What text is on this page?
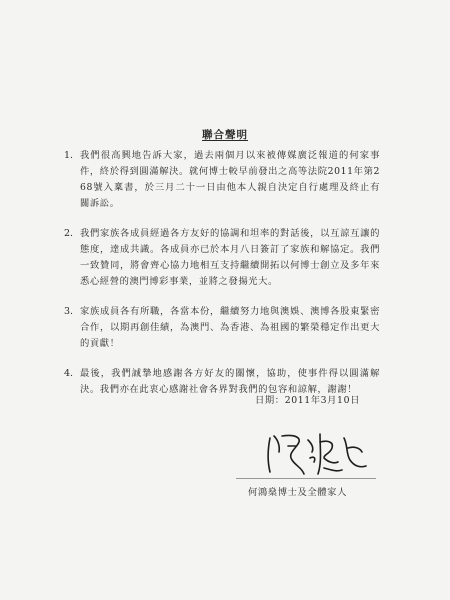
聯合聲明
1. 我們很高興地告訴大家，過去兩個月以來被傳媒廣泛報道的何家事件，終於得到圓滿解決。就何博士較早前發出之高等法院2011年第268號入稟書，於三月二十一日由他本人親自決定自行處理及終止有關訴訟。
2. 我們家族各成員經過各方友好的協調和坦率的對話後，以互諒互讓的態度，達成共識。各成員亦已於本月八日簽訂了家族和解協定。我們一致贊同，將會齊心協力地相互支持繼續開拓以何博士創立及多年來悉心經營的澳門博彩事業，並將之發揚光大。
3. 家族成員各有所職，各當本份，繼續努力地與澳娛、澳博各股東緊密合作，以期再創佳績，為澳門、為香港、為祖國的繁榮穩定作出更大的貢獻！
4. 最後，我們誠摯地感謝各方好友的關懷，協助，使事件得以圓滿解決。我們亦在此衷心感謝社會各界對我們的包容和諒解，謝謝！
日期：2011年3月10日
何鴻燊博士及全體家人
